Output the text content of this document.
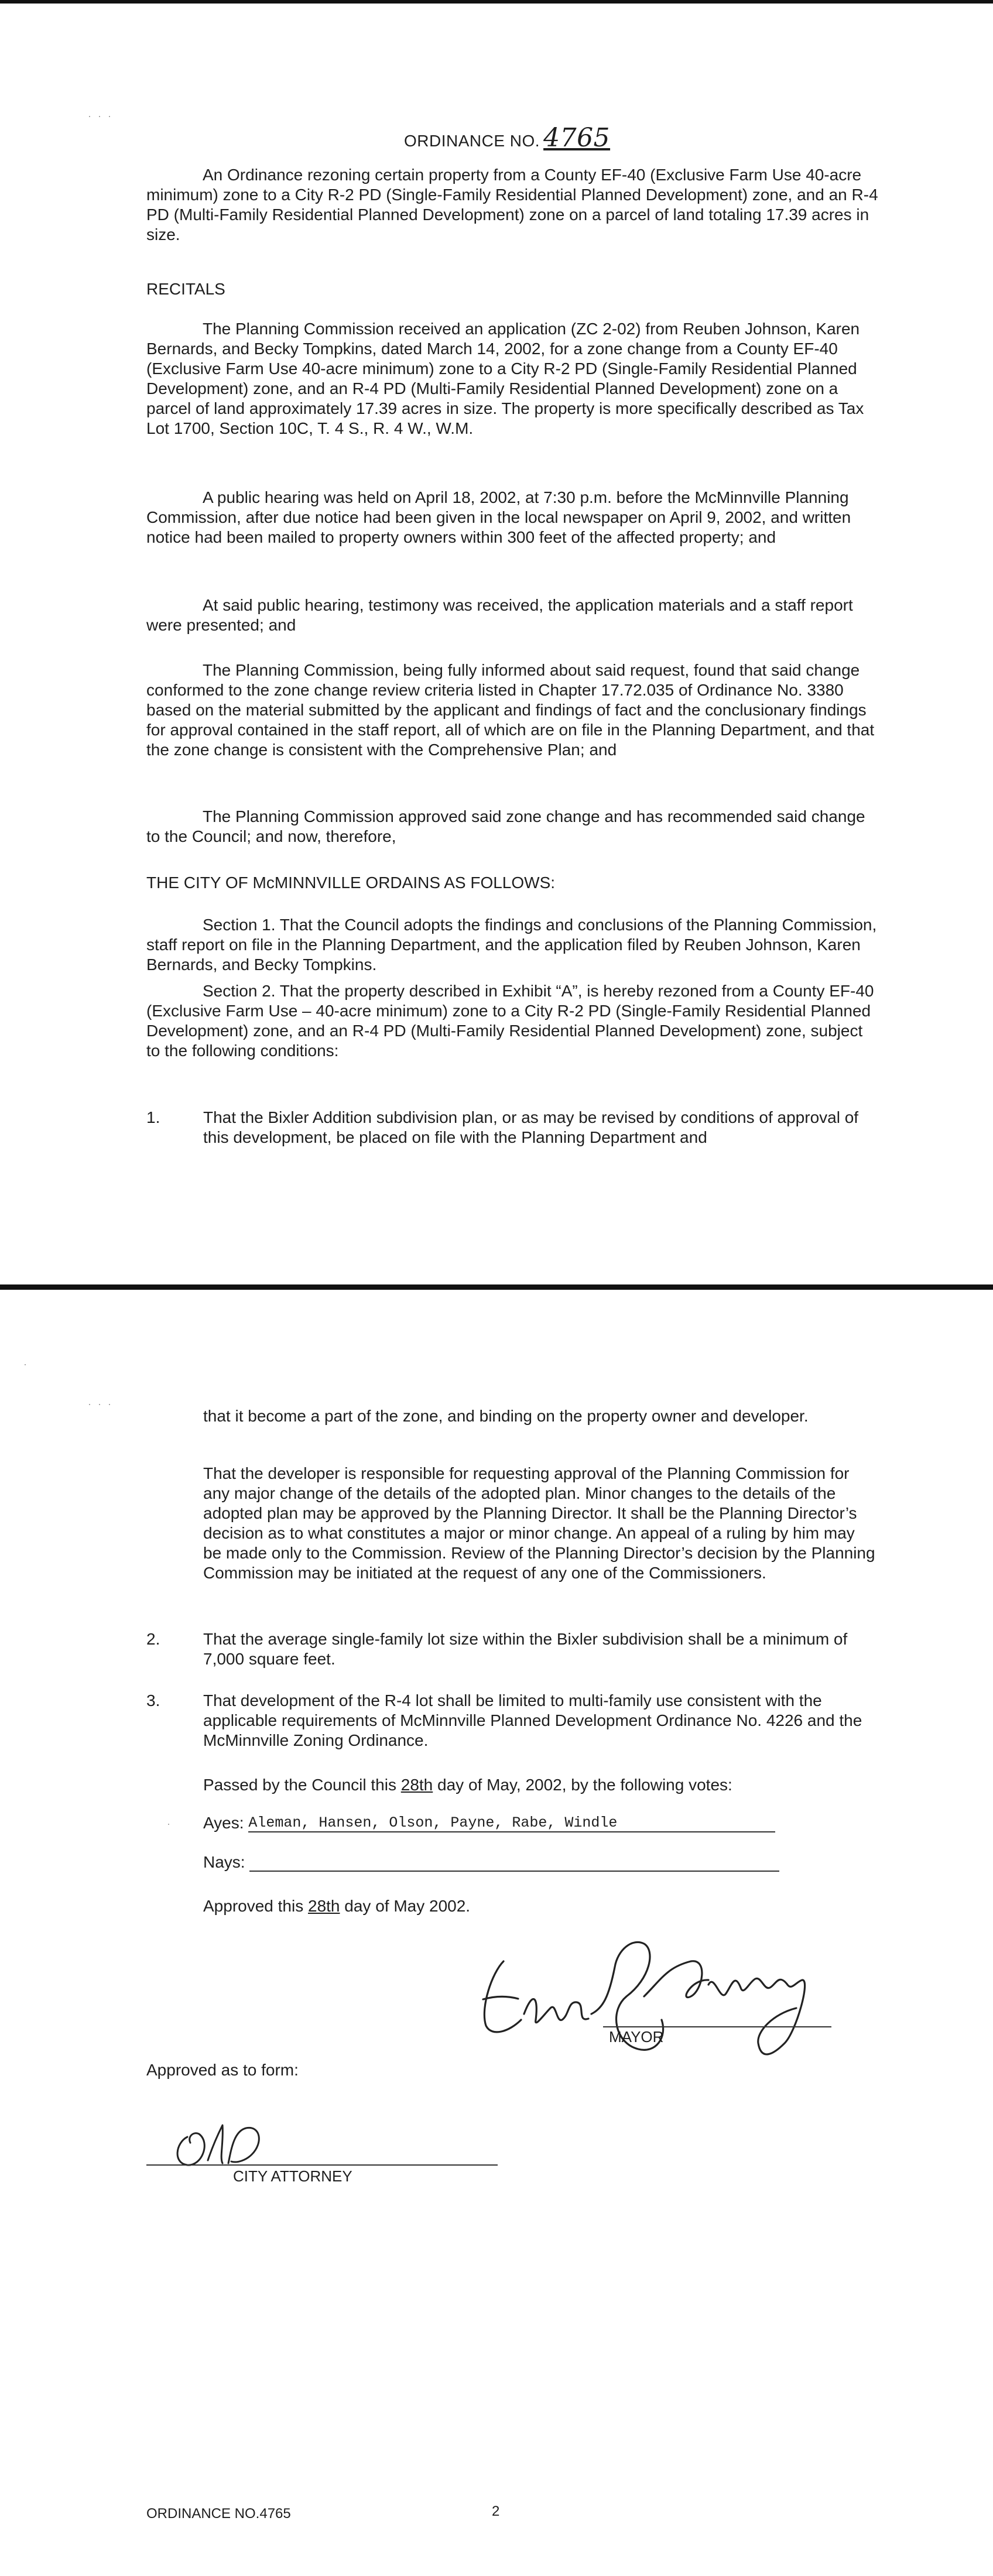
· · ·
ORDINANCE NO. 4765

An Ordinance rezoning certain property from a County EF-40 (Exclusive Farm Use 40-acre minimum) zone to a City R-2 PD (Single-Family Residential Planned Development) zone, and an R-4 PD (Multi-Family Residential Planned Development) zone on a parcel of land totaling 17.39 acres in size.

RECITALS

The Planning Commission received an application (ZC 2-02) from Reuben Johnson, Karen Bernards, and Becky Tompkins, dated March 14, 2002, for a zone change from a County EF-40 (Exclusive Farm Use 40-acre minimum) zone to a City R-2 PD (Single-Family Residential Planned Development) zone, and an R-4 PD (Multi-Family Residential Planned Development) zone on a parcel of land approximately 17.39 acres in size. The property is more specifically described as Tax Lot 1700, Section 10C, T. 4 S., R. 4 W., W.M.

A public hearing was held on April 18, 2002, at 7:30 p.m. before the McMinnville Planning Commission, after due notice had been given in the local newspaper on April 9, 2002, and written notice had been mailed to property owners within 300 feet of the affected property; and

At said public hearing, testimony was received, the application materials and a staff report were presented; and

The Planning Commission, being fully informed about said request, found that said change conformed to the zone change review criteria listed in Chapter 17.72.035 of Ordinance No. 3380 based on the material submitted by the applicant and findings of fact and the conclusionary findings for approval contained in the staff report, all of which are on file in the Planning Department, and that the zone change is consistent with the Comprehensive Plan; and

The Planning Commission approved said zone change and has recommended said change to the Council; and now, therefore,

THE CITY OF McMINNVILLE ORDAINS AS FOLLOWS:

Section 1. That the Council adopts the findings and conclusions of the Planning Commission, staff report on file in the Planning Department, and the application filed by Reuben Johnson, Karen Bernards, and Becky Tompkins.

Section 2. That the property described in Exhibit “A”, is hereby rezoned from a County EF-40 (Exclusive Farm Use – 40-acre minimum) zone to a City R-2 PD (Single-Family Residential Planned Development) zone, and an R-4 PD (Multi-Family Residential Planned Development) zone, subject to the following conditions:

1.	That the Bixler Addition subdivision plan, or as may be revised by conditions of approval of this development, be placed on file with the Planning Department and
· · ·
·
that it become a part of the zone, and binding on the property owner and developer.
That the developer is responsible for requesting approval of the Planning Commission for any major change of the details of the adopted plan. Minor changes to the details of the adopted plan may be approved by the Planning Director. It shall be the Planning Director’s decision as to what constitutes a major or minor change. An appeal of a ruling by him may be made only to the Commission. Review of the Planning Director’s decision by the Planning Commission may be initiated at the request of any one of the Commissioners.
2.	That the average single-family lot size within the Bixler subdivision shall be a minimum of 7,000 square feet.
3.	That development of the R-4 lot shall be limited to multi-family use consistent with the applicable requirements of McMinnville Planned Development Ordinance No. 4226 and the McMinnville Zoning Ordinance.
Passed by the Council this 28th day of May, 2002, by the following votes:
· Ayes: Aleman, Hansen, Olson, Payne, Rabe, Windle
Nays:
Approved this 28th day of May 2002.
MAYOR
Approved as to form:
CITY ATTORNEY
ORDINANCE NO.4765	2
